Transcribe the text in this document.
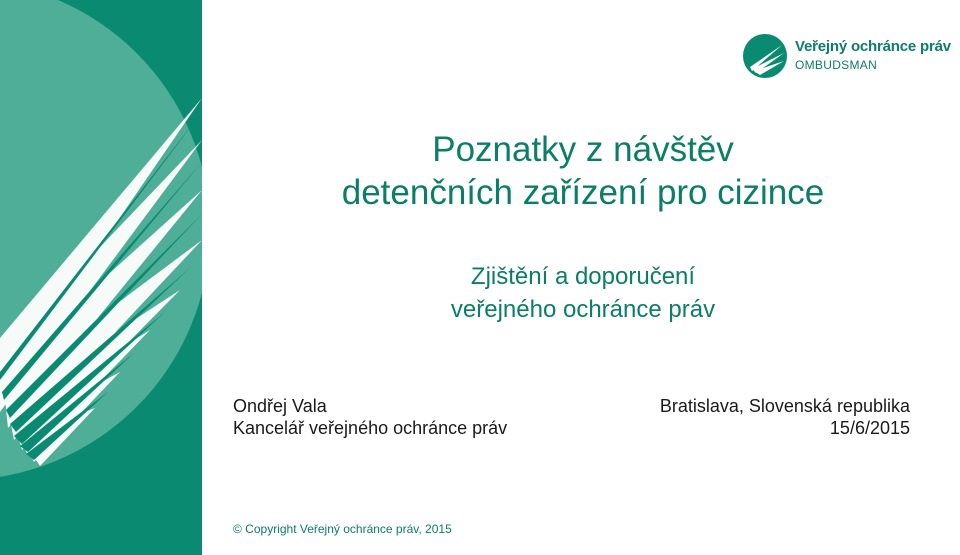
Veřejný ochránce práv
OMBUDSMAN
Poznatky z návštěv
detenčních zařízení pro cizince
Zjištění a doporučení
veřejného ochránce práv
Ondřej Vala
Kancelář veřejného ochránce práv
Bratislava, Slovenská republika
15/6/2015
© Copyright Veřejný ochránce práv, 2015
